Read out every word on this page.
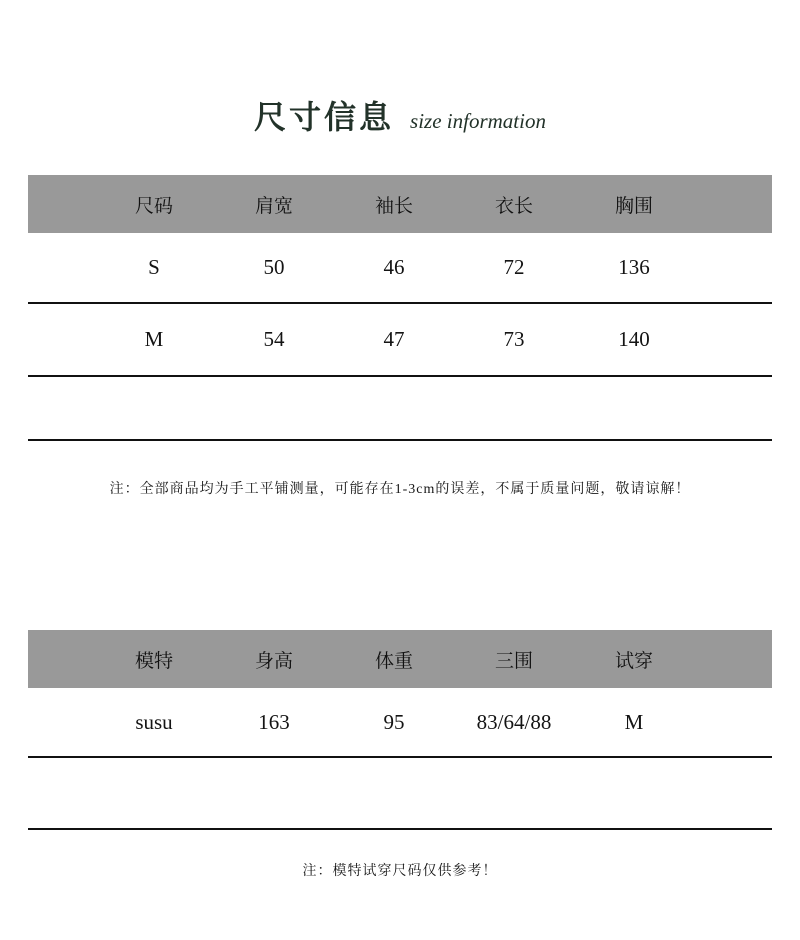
尺寸信息 size information
尺码	肩宽	袖长	衣长	胸围
S	50	46	72	136
M	54	47	73	140
注：全部商品均为手工平铺测量，可能存在1-3cm的误差，不属于质量问题，敬请谅解！
模特	身高	体重	三围	试穿
susu	163	95	83/64/88	M
注：模特试穿尺码仅供参考！
